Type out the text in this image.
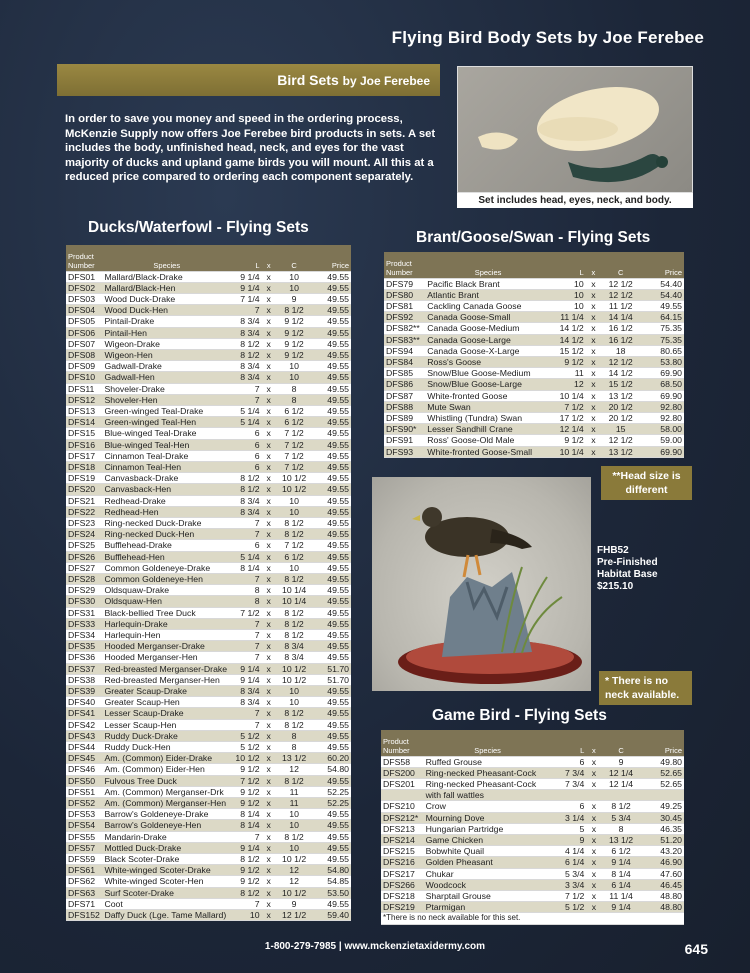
Flying Bird Body Sets by Joe Ferebee
Bird Sets by Joe Ferebee
Set includes head, eyes, neck, and body.
In order to save you money and speed in the ordering process, McKenzie Supply now offers Joe Ferebee bird products in sets. A set includes the body, unfinished head, neck, and eyes for the vast majority of ducks and upland game birds you will mount. All this at a reduced price compared to ordering each component separately.
Ducks/Waterfowl - Flying Sets
Product
Number	Species	L	x	C	Price
DFS01	Mallard/Black-Drake	9 1/4	x	10	49.55
DFS02	Mallard/Black-Hen	9 1/4	x	10	49.55
DFS03	Wood Duck-Drake	7 1/4	x	9	49.55
DFS04	Wood Duck-Hen	7	x	8 1/2	49.55
DFS05	Pintail-Drake	8 3/4	x	9 1/2	49.55
DFS06	Pintail-Hen	8 3/4	x	9 1/2	49.55
DFS07	Wigeon-Drake	8 1/2	x	9 1/2	49.55
DFS08	Wigeon-Hen	8 1/2	x	9 1/2	49.55
DFS09	Gadwall-Drake	8 3/4	x	10	49.55
DFS10	Gadwall-Hen	8 3/4	x	10	49.55
DFS11	Shoveler-Drake	7	x	8	49.55
DFS12	Shoveler-Hen	7	x	8	49.55
DFS13	Green-winged Teal-Drake	5 1/4	x	6 1/2	49.55
DFS14	Green-winged Teal-Hen	5 1/4	x	6 1/2	49.55
DFS15	Blue-winged Teal-Drake	6	x	7 1/2	49.55
DFS16	Blue-winged Teal-Hen	6	x	7 1/2	49.55
DFS17	Cinnamon Teal-Drake	6	x	7 1/2	49.55
DFS18	Cinnamon Teal-Hen	6	x	7 1/2	49.55
DFS19	Canvasback-Drake	8 1/2	x	10 1/2	49.55
DFS20	Canvasback-Hen	8 1/2	x	10 1/2	49.55
DFS21	Redhead-Drake	8 3/4	x	10	49.55
DFS22	Redhead-Hen	8 3/4	x	10	49.55
DFS23	Ring-necked Duck-Drake	7	x	8 1/2	49.55
DFS24	Ring-necked Duck-Hen	7	x	8 1/2	49.55
DFS25	Bufflehead-Drake	6	x	7 1/2	49.55
DFS26	Bufflehead-Hen	5 1/4	x	6 1/2	49.55
DFS27	Common Goldeneye-Drake	8 1/4	x	10	49.55
DFS28	Common Goldeneye-Hen	7	x	8 1/2	49.55
DFS29	Oldsquaw-Drake	8	x	10 1/4	49.55
DFS30	Oldsquaw-Hen	8	x	10 1/4	49.55
DFS31	Black-bellied Tree Duck	7 1/2	x	8 1/2	49.55
DFS33	Harlequin-Drake	7	x	8 1/2	49.55
DFS34	Harlequin-Hen	7	x	8 1/2	49.55
DFS35	Hooded Merganser-Drake	7	x	8 3/4	49.55
DFS36	Hooded Merganser-Hen	7	x	8 3/4	49.55
DFS37	Red-breasted Merganser-Drake	9 1/4	x	10 1/2	51.70
DFS38	Red-breasted Merganser-Hen	9 1/4	x	10 1/2	51.70
DFS39	Greater Scaup-Drake	8 3/4	x	10	49.55
DFS40	Greater Scaup-Hen	8 3/4	x	10	49.55
DFS41	Lesser Scaup-Drake	7	x	8 1/2	49.55
DFS42	Lesser Scaup-Hen	7	x	8 1/2	49.55
DFS43	Ruddy Duck-Drake	5 1/2	x	8	49.55
DFS44	Ruddy Duck-Hen	5 1/2	x	8	49.55
DFS45	Am. (Common) Eider-Drake	10 1/2	x	13 1/2	60.20
DFS46	Am. (Common) Eider-Hen	9 1/2	x	12	54.80
DFS50	Fulvous Tree Duck	7 1/2	x	8 1/2	49.55
DFS51	Am. (Common) Merganser-Drk	9 1/2	x	11	52.25
DFS52	Am. (Common) Merganser-Hen	9 1/2	x	11	52.25
DFS53	Barrow's Goldeneye-Drake	8 1/4	x	10	49.55
DFS54	Barrow's Goldeneye-Hen	8 1/4	x	10	49.55
DFS55	Mandarin-Drake	7	x	8 1/2	49.55
DFS57	Mottled Duck-Drake	9 1/4	x	10	49.55
DFS59	Black Scoter-Drake	8 1/2	x	10 1/2	49.55
DFS61	White-winged Scoter-Drake	9 1/2	x	12	54.80
DFS62	White-winged Scoter-Hen	9 1/2	x	12	54.85
DFS63	Surf Scoter-Drake	8 1/2	x	10 1/2	53.50
DFS71	Coot	7	x	9	49.55
DFS152	Daffy Duck (Lge. Tame Mallard)	10	x	12 1/2	59.40
Brant/Goose/Swan - Flying Sets
Product
Number	Species	L	x	C	Price
DFS79	Pacific Black Brant	10	x	12 1/2	54.40
DFS80	Atlantic Brant	10	x	12 1/2	54.40
DFS81	Cackling Canada Goose	10	x	11 1/2	49.55
DFS92	Canada Goose-Small	11 1/4	x	14 1/4	64.15
DFS82**	Canada Goose-Medium	14 1/2	x	16 1/2	75.35
DFS83**	Canada Goose-Large	14 1/2	x	16 1/2	75.35
DFS94	Canada Goose-X-Large	15 1/2	x	18	80.65
DFS84	Ross's Goose	9 1/2	x	12 1/2	53.80
DFS85	Snow/Blue Goose-Medium	11	x	14 1/2	69.90
DFS86	Snow/Blue Goose-Large	12	x	15 1/2	68.50
DFS87	White-fronted Goose	10 1/4	x	13 1/2	69.90
DFS88	Mute Swan	7 1/2	x	20 1/2	92.80
DFS89	Whistling (Tundra) Swan	17 1/2	x	20 1/2	92.80
DFS90*	Lesser Sandhill Crane	12 1/4	x	15	58.00
DFS91	Ross' Goose-Old Male	9 1/2	x	12 1/2	59.00
DFS93	White-fronted Goose-Small	10 1/4	x	13 1/2	69.90
**Head size is different
FHB52
Pre-Finished
Habitat Base
$215.10
* There is no neck available.
Game Bird - Flying Sets
Product
Number	Species	L	x	C	Price
DFS58	Ruffed Grouse	6	x	9	49.80
DFS200	Ring-necked Pheasant-Cock	7 3/4	x	12 1/4	52.65
DFS201	Ring-necked Pheasant-Cock	7 3/4	x	12 1/4	52.65
	with fall wattles				
DFS210	Crow	6	x	8 1/2	49.25
DFS212*	Mourning Dove	3 1/4	x	5 3/4	30.45
DFS213	Hungarian Partridge	5	x	8	46.35
DFS214	Game Chicken	9	x	13 1/2	51.20
DFS215	Bobwhite Quail	4 1/4	x	6 1/2	43.20
DFS216	Golden Pheasant	6 1/4	x	9 1/4	46.90
DFS217	Chukar	5 3/4	x	8 1/4	47.60
DFS266	Woodcock	3 3/4	x	6 1/4	46.45
DFS218	Sharptail Grouse	7 1/2	x	11 1/4	48.80
DFS219	Ptarmigan	5 1/2	x	9 1/4	48.80
*There is no neck available for this set.					
1-800-279-7985 | www.mckenzietaxidermy.com	645
